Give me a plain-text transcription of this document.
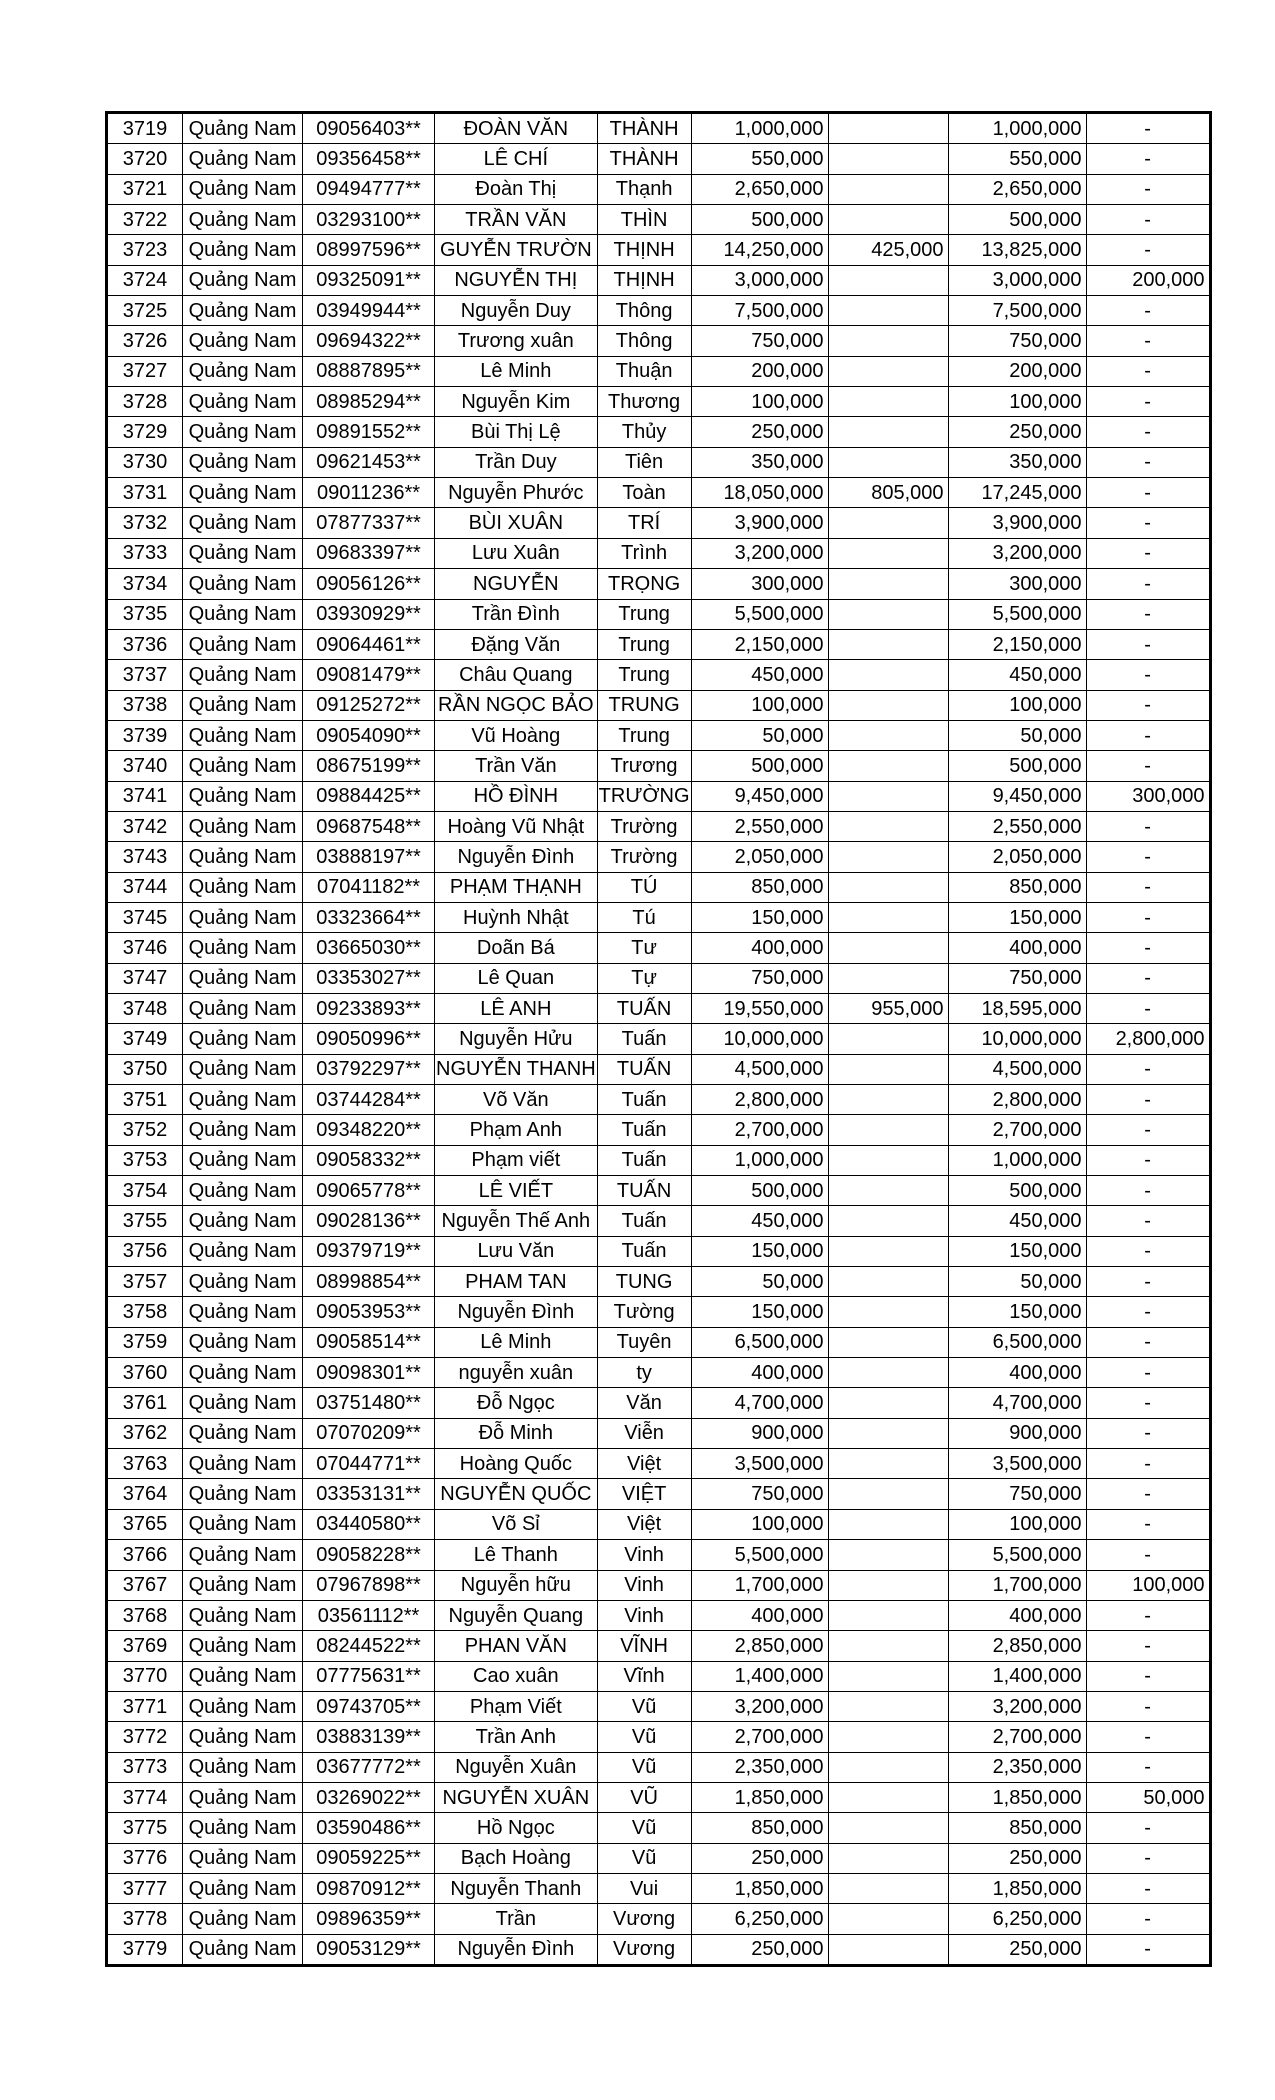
3719	Quảng Nam	09056403**	ĐOÀN VĂN	THÀNH	1,000,000		1,000,000	-
3720	Quảng Nam	09356458**	LÊ CHÍ	THÀNH	550,000		550,000	-
3721	Quảng Nam	09494777**	Đoàn Thị	Thạnh	2,650,000		2,650,000	-
3722	Quảng Nam	03293100**	TRẦN VĂN	THÌN	500,000		500,000	-
3723	Quảng Nam	08997596**	GUYỄN TRƯỜN	THỊNH	14,250,000	425,000	13,825,000	-
3724	Quảng Nam	09325091**	NGUYỄN THỊ	THỊNH	3,000,000		3,000,000	200,000
3725	Quảng Nam	03949944**	Nguyễn Duy	Thông	7,500,000		7,500,000	-
3726	Quảng Nam	09694322**	Trương xuân	Thông	750,000		750,000	-
3727	Quảng Nam	08887895**	Lê Minh	Thuận	200,000		200,000	-
3728	Quảng Nam	08985294**	Nguyễn Kim	Thương	100,000		100,000	-
3729	Quảng Nam	09891552**	Bùi Thị Lệ	Thủy	250,000		250,000	-
3730	Quảng Nam	09621453**	Trần Duy	Tiên	350,000		350,000	-
3731	Quảng Nam	09011236**	Nguyễn Phước	Toàn	18,050,000	805,000	17,245,000	-
3732	Quảng Nam	07877337**	BÙI XUÂN	TRÍ	3,900,000		3,900,000	-
3733	Quảng Nam	09683397**	Lưu Xuân	Trình	3,200,000		3,200,000	-
3734	Quảng Nam	09056126**	NGUYỄN	TRỌNG	300,000		300,000	-
3735	Quảng Nam	03930929**	Trần Đình	Trung	5,500,000		5,500,000	-
3736	Quảng Nam	09064461**	Đặng Văn	Trung	2,150,000		2,150,000	-
3737	Quảng Nam	09081479**	Châu Quang	Trung	450,000		450,000	-
3738	Quảng Nam	09125272**	RẦN NGỌC BẢO	TRUNG	100,000		100,000	-
3739	Quảng Nam	09054090**	Vũ Hoàng	Trung	50,000		50,000	-
3740	Quảng Nam	08675199**	Trần Văn	Trương	500,000		500,000	-
3741	Quảng Nam	09884425**	HỒ ĐÌNH	TRƯỜNG	9,450,000		9,450,000	300,000
3742	Quảng Nam	09687548**	Hoàng Vũ Nhật	Trường	2,550,000		2,550,000	-
3743	Quảng Nam	03888197**	Nguyễn Đình	Trường	2,050,000		2,050,000	-
3744	Quảng Nam	07041182**	PHẠM THẠNH	TÚ	850,000		850,000	-
3745	Quảng Nam	03323664**	Huỳnh Nhật	Tú	150,000		150,000	-
3746	Quảng Nam	03665030**	Doãn Bá	Tư	400,000		400,000	-
3747	Quảng Nam	03353027**	Lê Quan	Tự	750,000		750,000	-
3748	Quảng Nam	09233893**	LÊ ANH	TUẤN	19,550,000	955,000	18,595,000	-
3749	Quảng Nam	09050996**	Nguyễn Hửu	Tuấn	10,000,000		10,000,000	2,800,000
3750	Quảng Nam	03792297**	NGUYỄN THANH	TUẤN	4,500,000		4,500,000	-
3751	Quảng Nam	03744284**	Võ Văn	Tuấn	2,800,000		2,800,000	-
3752	Quảng Nam	09348220**	Phạm Anh	Tuấn	2,700,000		2,700,000	-
3753	Quảng Nam	09058332**	Phạm viết	Tuấn	1,000,000		1,000,000	-
3754	Quảng Nam	09065778**	LÊ VIẾT	TUẤN	500,000		500,000	-
3755	Quảng Nam	09028136**	Nguyễn Thế Anh	Tuấn	450,000		450,000	-
3756	Quảng Nam	09379719**	Lưu Văn	Tuấn	150,000		150,000	-
3757	Quảng Nam	08998854**	PHAM TAN	TUNG	50,000		50,000	-
3758	Quảng Nam	09053953**	Nguyễn Đình	Tường	150,000		150,000	-
3759	Quảng Nam	09058514**	Lê Minh	Tuyên	6,500,000		6,500,000	-
3760	Quảng Nam	09098301**	nguyễn xuân	ty	400,000		400,000	-
3761	Quảng Nam	03751480**	Đỗ Ngọc	Văn	4,700,000		4,700,000	-
3762	Quảng Nam	07070209**	Đỗ Minh	Viễn	900,000		900,000	-
3763	Quảng Nam	07044771**	Hoàng Quốc	Việt	3,500,000		3,500,000	-
3764	Quảng Nam	03353131**	NGUYỄN QUỐC	VIỆT	750,000		750,000	-
3765	Quảng Nam	03440580**	Võ Sỉ	Việt	100,000		100,000	-
3766	Quảng Nam	09058228**	Lê Thanh	Vinh	5,500,000		5,500,000	-
3767	Quảng Nam	07967898**	Nguyễn hữu	Vinh	1,700,000		1,700,000	100,000
3768	Quảng Nam	03561112**	Nguyễn Quang	Vinh	400,000		400,000	-
3769	Quảng Nam	08244522**	PHAN VĂN	VĨNH	2,850,000		2,850,000	-
3770	Quảng Nam	07775631**	Cao xuân	Vĩnh	1,400,000		1,400,000	-
3771	Quảng Nam	09743705**	Phạm Viết	Vũ	3,200,000		3,200,000	-
3772	Quảng Nam	03883139**	Trần Anh	Vũ	2,700,000		2,700,000	-
3773	Quảng Nam	03677772**	Nguyễn Xuân	Vũ	2,350,000		2,350,000	-
3774	Quảng Nam	03269022**	NGUYỄN XUÂN	VŨ	1,850,000		1,850,000	50,000
3775	Quảng Nam	03590486**	Hồ Ngọc	Vũ	850,000		850,000	-
3776	Quảng Nam	09059225**	Bạch Hoàng	Vũ	250,000		250,000	-
3777	Quảng Nam	09870912**	Nguyễn Thanh	Vui	1,850,000		1,850,000	-
3778	Quảng Nam	09896359**	Trần	Vương	6,250,000		6,250,000	-
3779	Quảng Nam	09053129**	Nguyễn Đình	Vương	250,000		250,000	-
